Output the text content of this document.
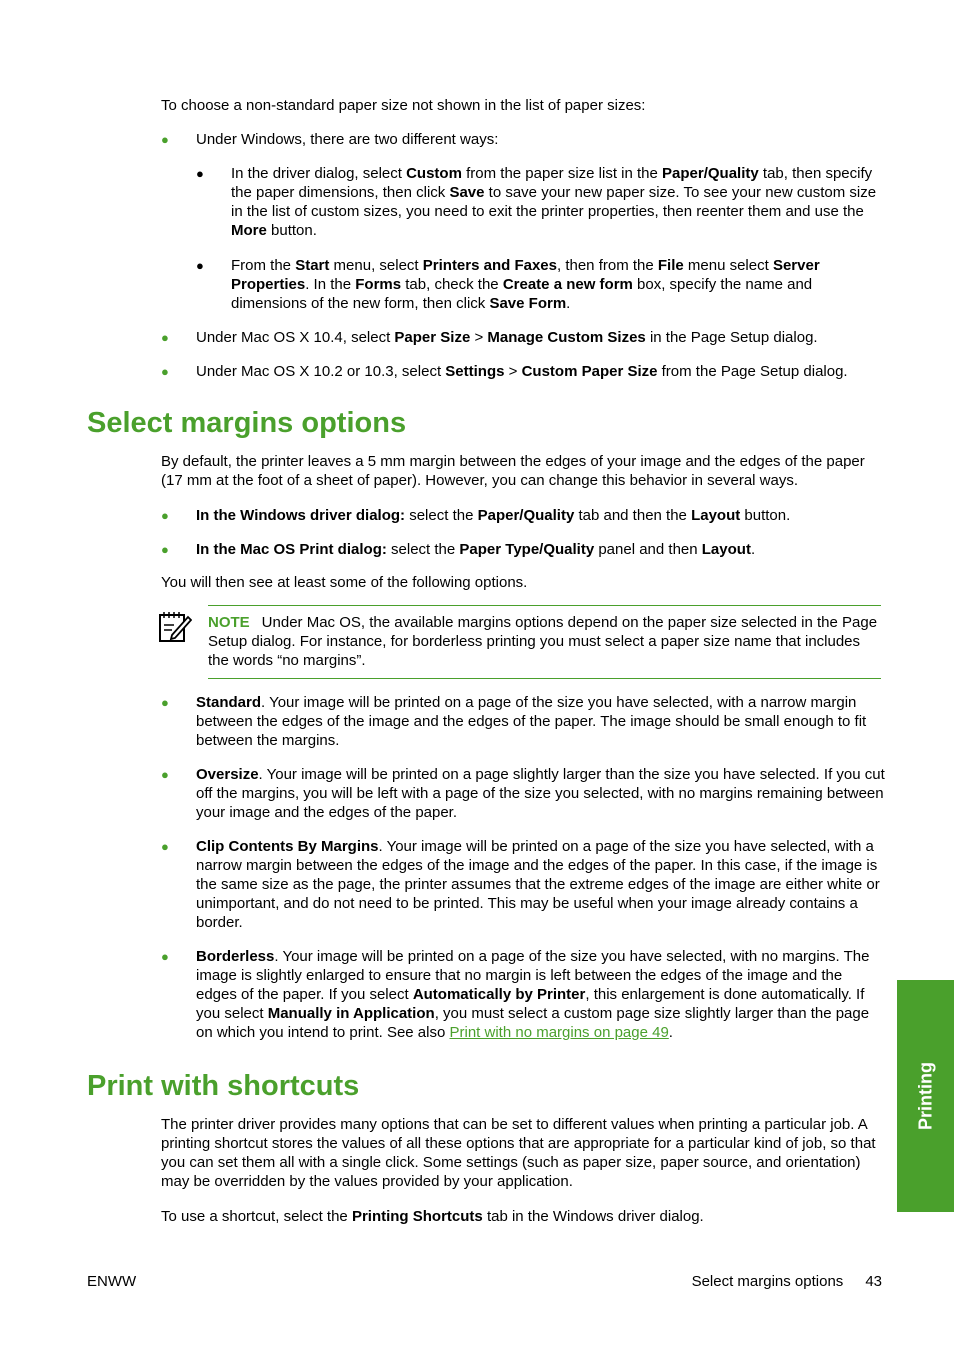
To choose a non-standard paper size not shown in the list of paper sizes:

● Under Windows, there are two different ways:

● In the driver dialog, select Custom from the paper size list in the Paper/Quality tab, then specify the paper dimensions, then click Save to save your new paper size. To see your new custom size in the list of custom sizes, you need to exit the printer properties, then reenter them and use the More button.

● From the Start menu, select Printers and Faxes, then from the File menu select Server Properties. In the Forms tab, check the Create a new form box, specify the name and dimensions of the new form, then click Save Form.

● Under Mac OS X 10.4, select Paper Size > Manage Custom Sizes in the Page Setup dialog.

● Under Mac OS X 10.2 or 10.3, select Settings > Custom Paper Size from the Page Setup dialog.

Select margins options

By default, the printer leaves a 5 mm margin between the edges of your image and the edges of the paper (17 mm at the foot of a sheet of paper). However, you can change this behavior in several ways.

● In the Windows driver dialog: select the Paper/Quality tab and then the Layout button.

● In the Mac OS Print dialog: select the Paper Type/Quality panel and then Layout.

You will then see at least some of the following options.

NOTE Under Mac OS, the available margins options depend on the paper size selected in the Page Setup dialog. For instance, for borderless printing you must select a paper size name that includes the words “no margins”.

● Standard. Your image will be printed on a page of the size you have selected, with a narrow margin between the edges of the image and the edges of the paper. The image should be small enough to fit between the margins.

● Oversize. Your image will be printed on a page slightly larger than the size you have selected. If you cut off the margins, you will be left with a page of the size you selected, with no margins remaining between your image and the edges of the paper.

● Clip Contents By Margins. Your image will be printed on a page of the size you have selected, with a narrow margin between the edges of the image and the edges of the paper. In this case, if the image is the same size as the page, the printer assumes that the extreme edges of the image are either white or unimportant, and do not need to be printed. This may be useful when your image already contains a border.

● Borderless. Your image will be printed on a page of the size you have selected, with no margins. The image is slightly enlarged to ensure that no margin is left between the edges of the image and the edges of the paper. If you select Automatically by Printer, this enlargement is done automatically. If you select Manually in Application, you must select a custom page size slightly larger than the page on which you intend to print. See also Print with no margins on page 49.

Print with shortcuts

The printer driver provides many options that can be set to different values when printing a particular job. A printing shortcut stores the values of all these options that are appropriate for a particular kind of job, so that you can set them all with a single click. Some settings (such as paper size, paper source, and orientation) may be overridden by the values provided by your application.

To use a shortcut, select the Printing Shortcuts tab in the Windows driver dialog.

Printing
ENWW	Select margins options 43
